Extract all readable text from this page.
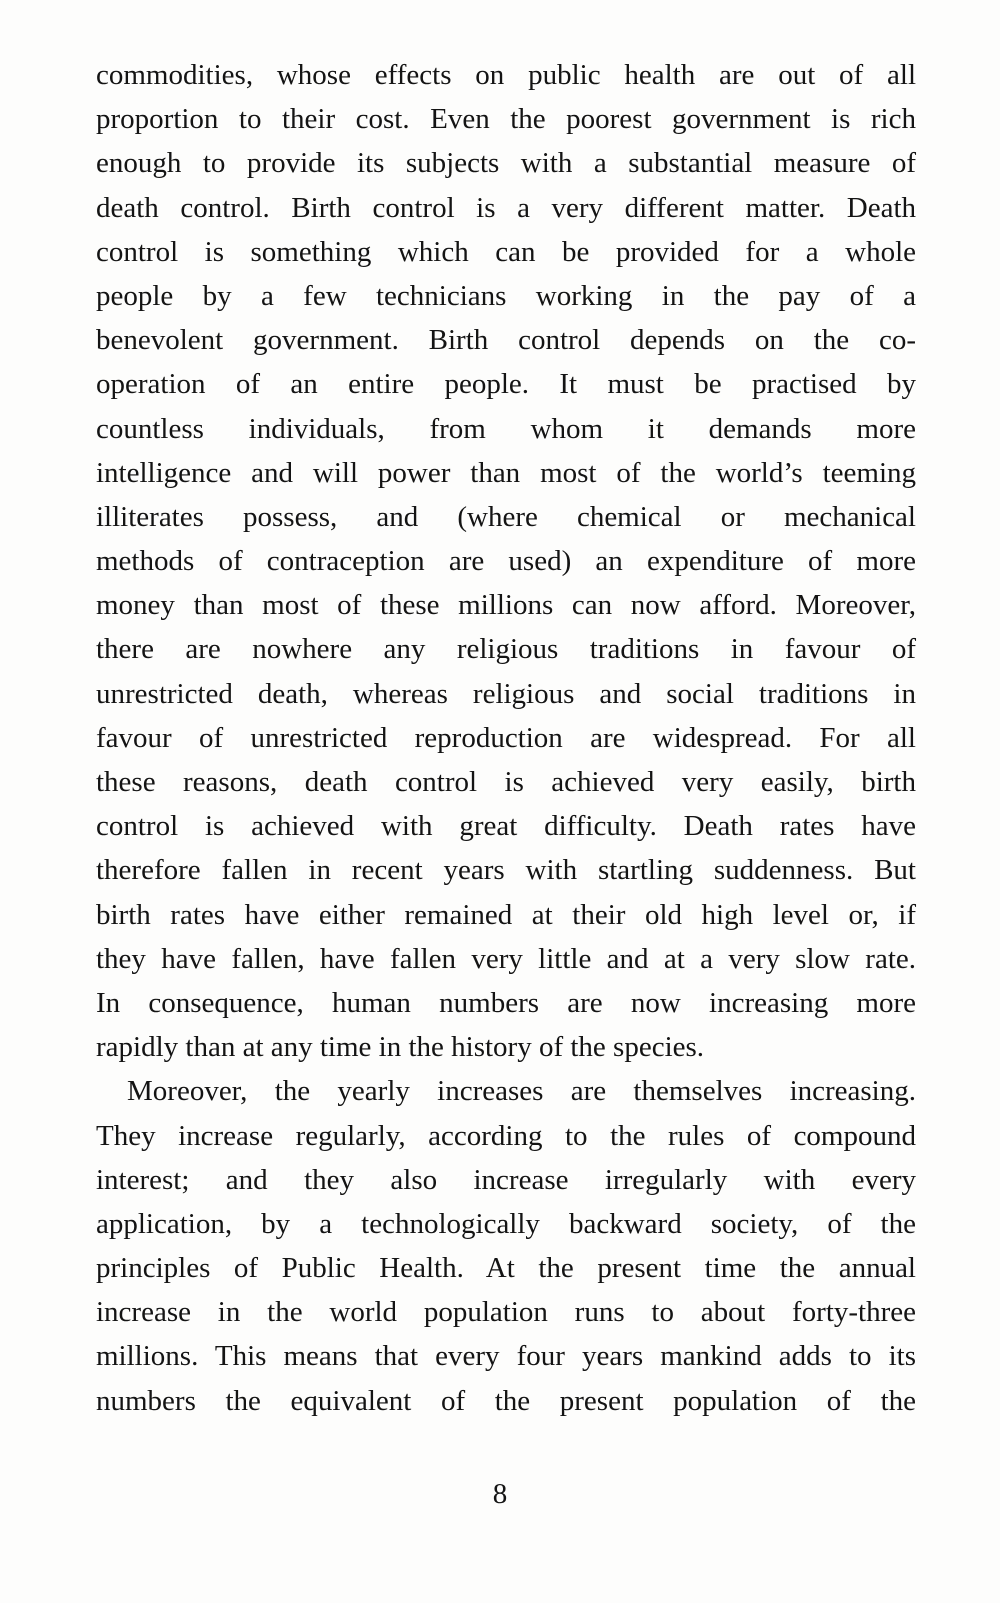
commodities, whose effects on public health are out of all
proportion to their cost. Even the poorest government is rich
enough to provide its subjects with a substantial measure of
death control. Birth control is a very different matter. Death
control is something which can be provided for a whole
people by a few technicians working in the pay of a
benevolent government. Birth control depends on the co-
operation of an entire people. It must be practised by
countless individuals, from whom it demands more
intelligence and will power than most of the world’s teeming
illiterates possess, and (where chemical or mechanical
methods of contraception are used) an expenditure of more
money than most of these millions can now afford. Moreover,
there are nowhere any religious traditions in favour of
unrestricted death, whereas religious and social traditions in
favour of unrestricted reproduction are widespread. For all
these reasons, death control is achieved very easily, birth
control is achieved with great difficulty. Death rates have
therefore fallen in recent years with startling suddenness. But
birth rates have either remained at their old high level or, if
they have fallen, have fallen very little and at a very slow rate.
In consequence, human numbers are now increasing more
rapidly than at any time in the history of the species.
Moreover, the yearly increases are themselves increasing.
They increase regularly, according to the rules of compound
interest; and they also increase irregularly with every
application, by a technologically backward society, of the
principles of Public Health. At the present time the annual
increase in the world population runs to about forty-three
millions. This means that every four years mankind adds to its
numbers the equivalent of the present population of the
8
